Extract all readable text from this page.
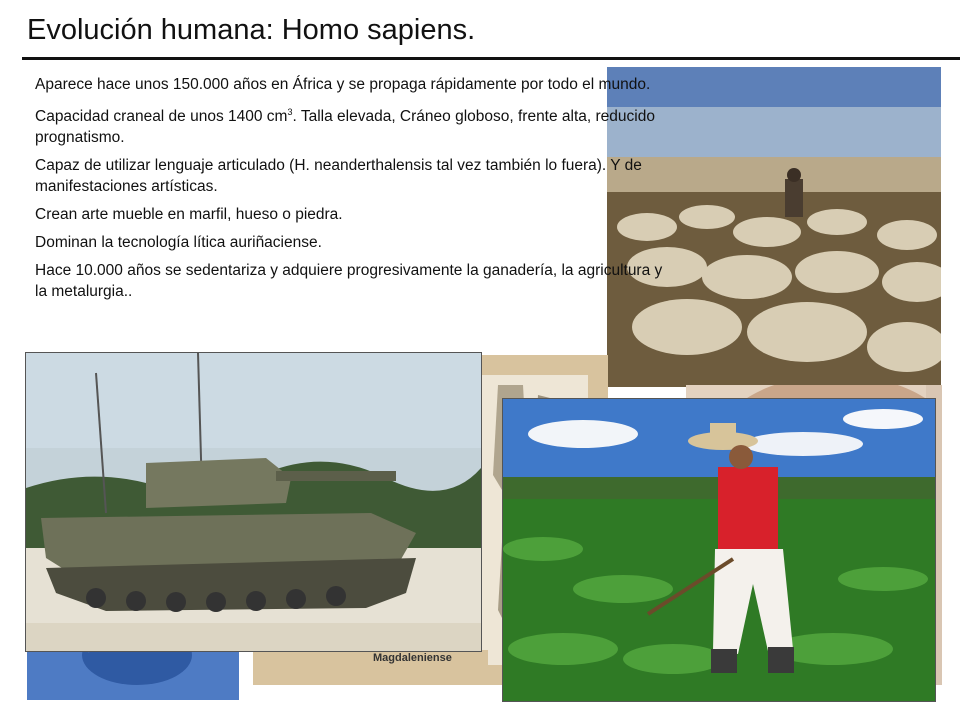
Evolución humana: Homo sapiens.
Magdaleniense

Aparece hace unos 150.000 años en África y se propaga rápidamente por todo el mundo.

Capacidad craneal de unos 1400 $cm^3$. Talla elevada, Cráneo globoso, frente alta, reducido prognatismo.

Capaz de utilizar lenguaje articulado (H. neanderthalensis tal vez también lo fuera). Y de manifestaciones artísticas.

Crean arte mueble en marfil, hueso o piedra.

Dominan la tecnología lítica auriñaciense.

Hace 10.000 años se sedentariza y adquiere progresivamente la ganadería, la agricultura y la metalurgia..
